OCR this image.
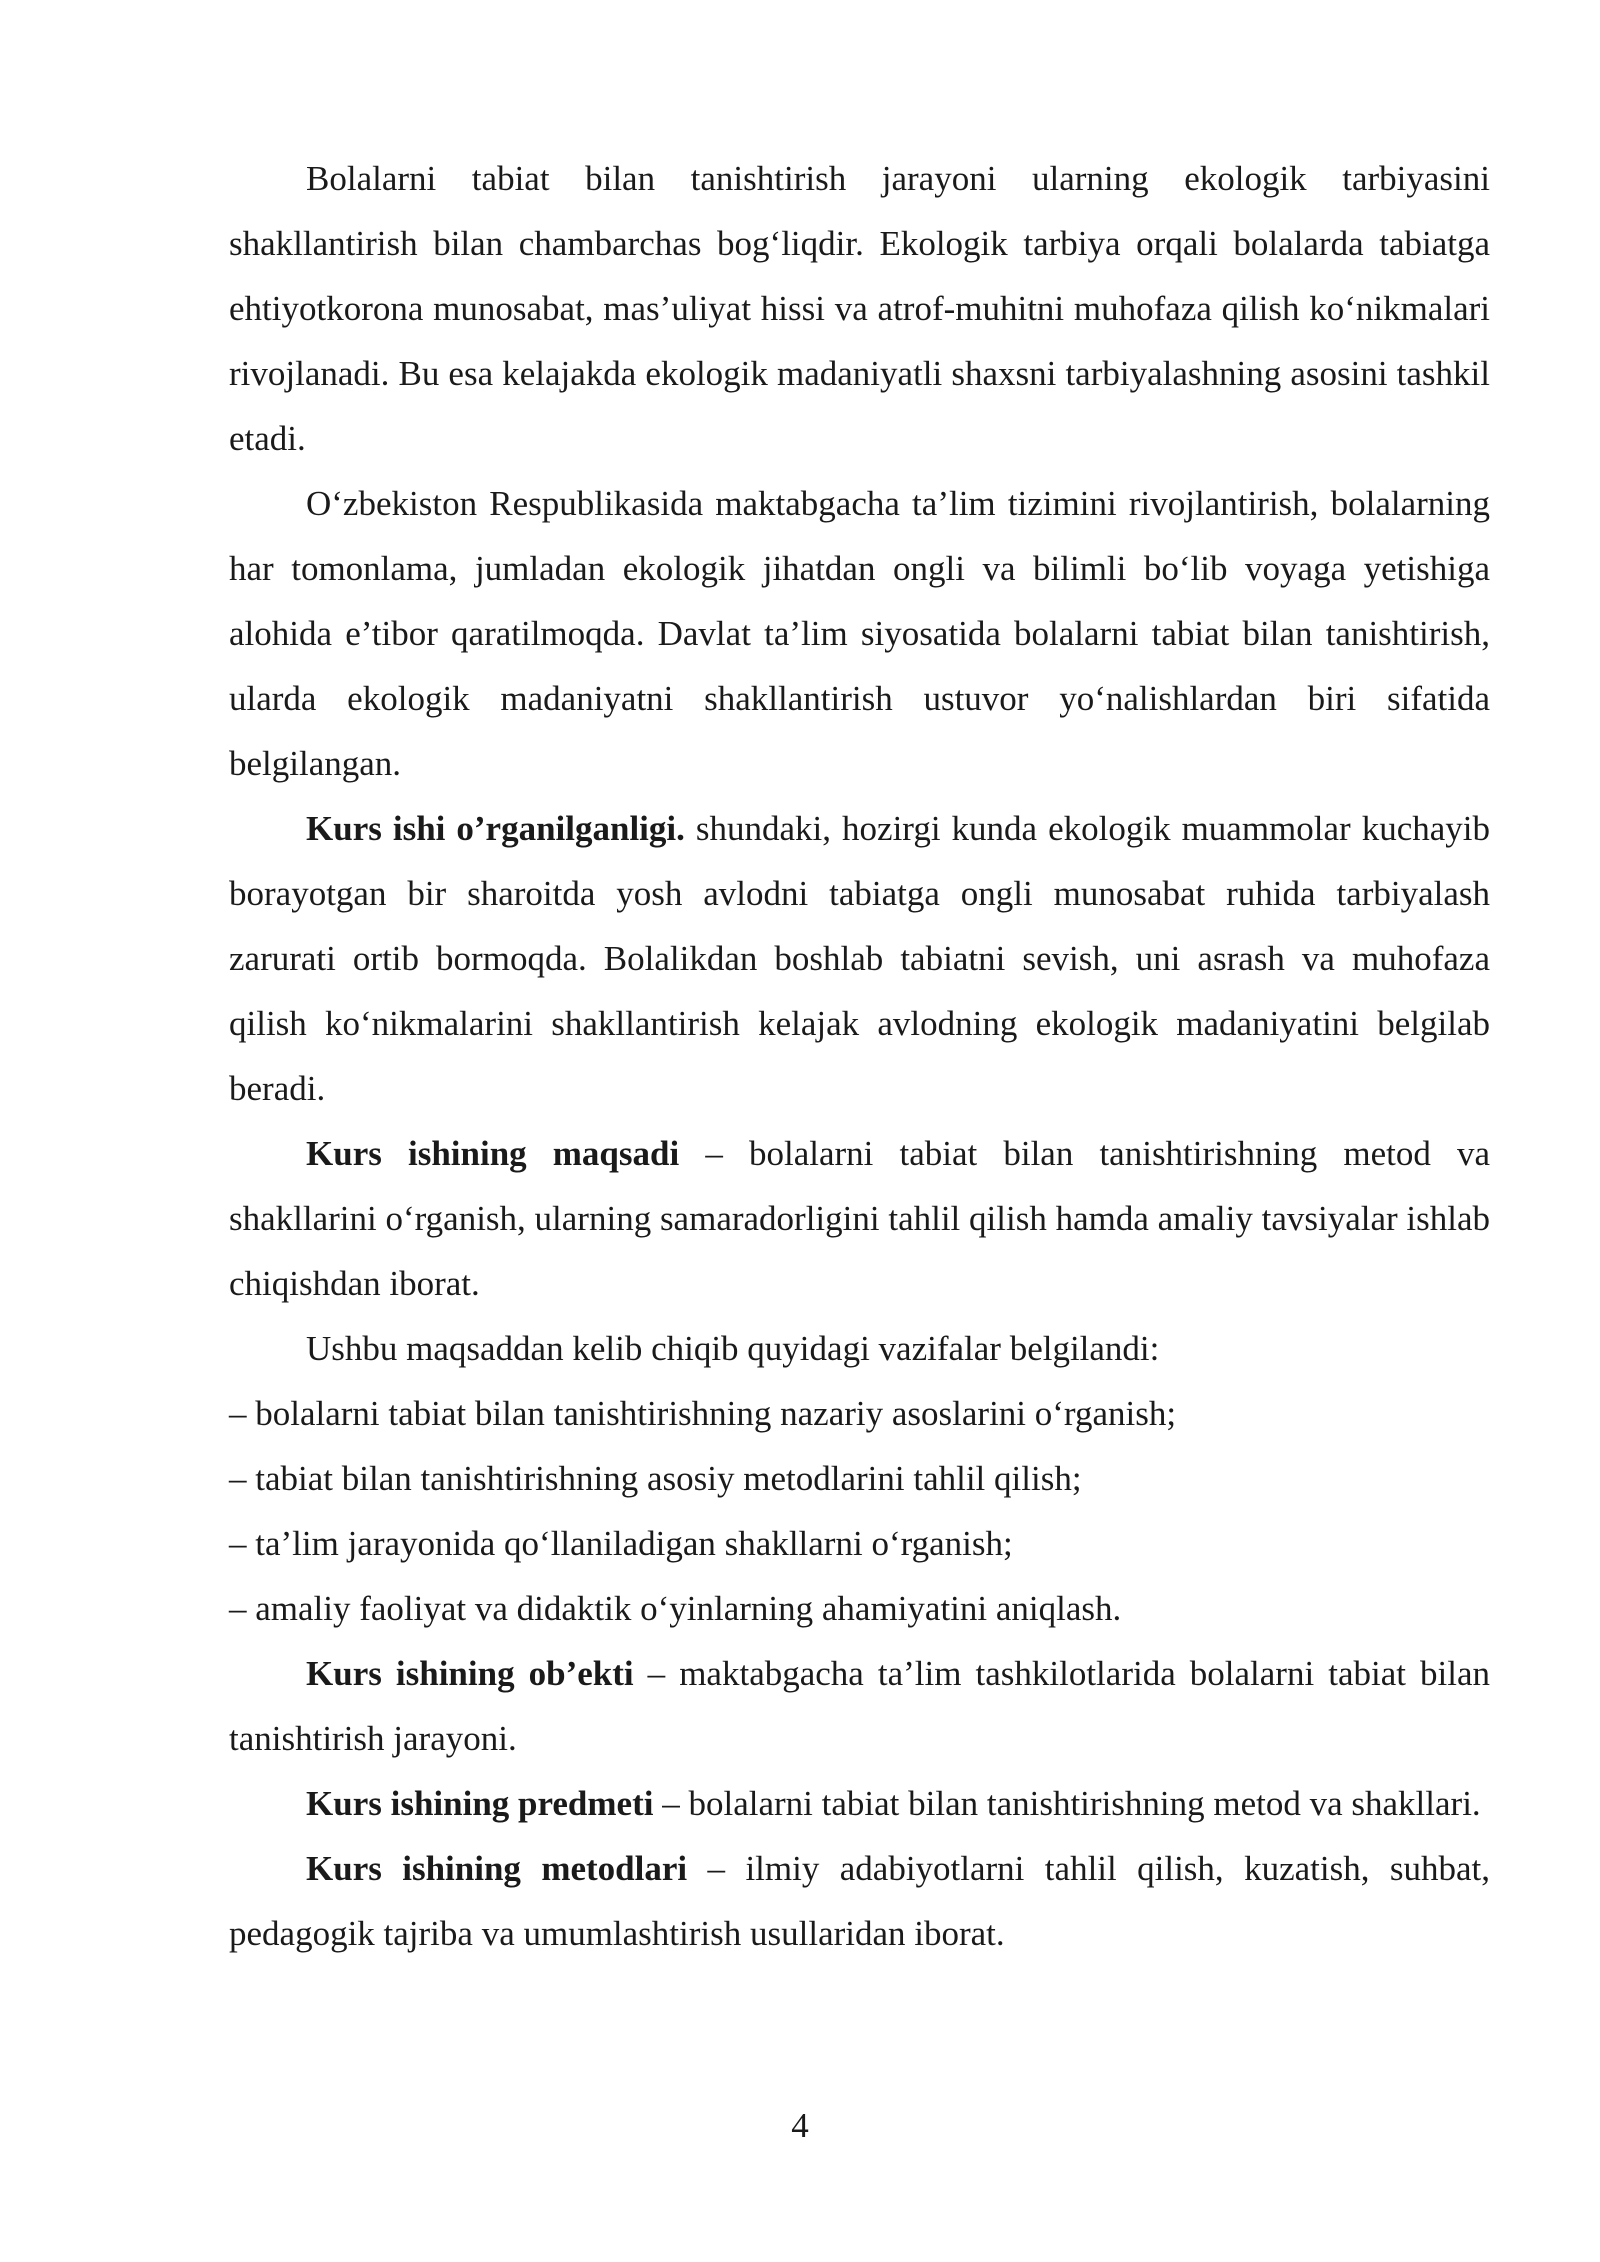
Bolalarni tabiat bilan tanishtirish jarayoni ularning ekologik tarbiyasini shakllantirish bilan chambarchas bog‘liqdir. Ekologik tarbiya orqali bolalarda tabiatga ehtiyotkorona munosabat, mas’uliyat hissi va atrof-muhitni muhofaza qilish ko‘nikmalari rivojlanadi. Bu esa kelajakda ekologik madaniyatli shaxsni tarbiyalashning asosini tashkil etadi.

O‘zbekiston Respublikasida maktabgacha ta’lim tizimini rivojlantirish, bolalarning har tomonlama, jumladan ekologik jihatdan ongli va bilimli bo‘lib voyaga yetishiga alohida e’tibor qaratilmoqda. Davlat ta’lim siyosatida bolalarni tabiat bilan tanishtirish, ularda ekologik madaniyatni shakllantirish ustuvor yo‘nalishlardan biri sifatida belgilangan.

Kurs ishi o’rganilganligi. shundaki, hozirgi kunda ekologik muammolar kuchayib borayotgan bir sharoitda yosh avlodni tabiatga ongli munosabat ruhida tarbiyalash zarurati ortib bormoqda. Bolalikdan boshlab tabiatni sevish, uni asrash va muhofaza qilish ko‘nikmalarini shakllantirish kelajak avlodning ekologik madaniyatini belgilab beradi.

Kurs ishining maqsadi – bolalarni tabiat bilan tanishtirishning metod va shakllarini o‘rganish, ularning samaradorligini tahlil qilish hamda amaliy tavsiyalar ishlab chiqishdan iborat.

Ushbu maqsaddan kelib chiqib quyidagi vazifalar belgilandi:

– bolalarni tabiat bilan tanishtirishning nazariy asoslarini o‘rganish;

– tabiat bilan tanishtirishning asosiy metodlarini tahlil qilish;

– ta’lim jarayonida qo‘llaniladigan shakllarni o‘rganish;

– amaliy faoliyat va didaktik o‘yinlarning ahamiyatini aniqlash.

Kurs ishining ob’ekti – maktabgacha ta’lim tashkilotlarida bolalarni tabiat bilan tanishtirish jarayoni.

Kurs ishining predmeti – bolalarni tabiat bilan tanishtirishning metod va shakllari.

Kurs ishining metodlari – ilmiy adabiyotlarni tahlil qilish, kuzatish, suhbat, pedagogik tajriba va umumlashtirish usullaridan iborat.

4
